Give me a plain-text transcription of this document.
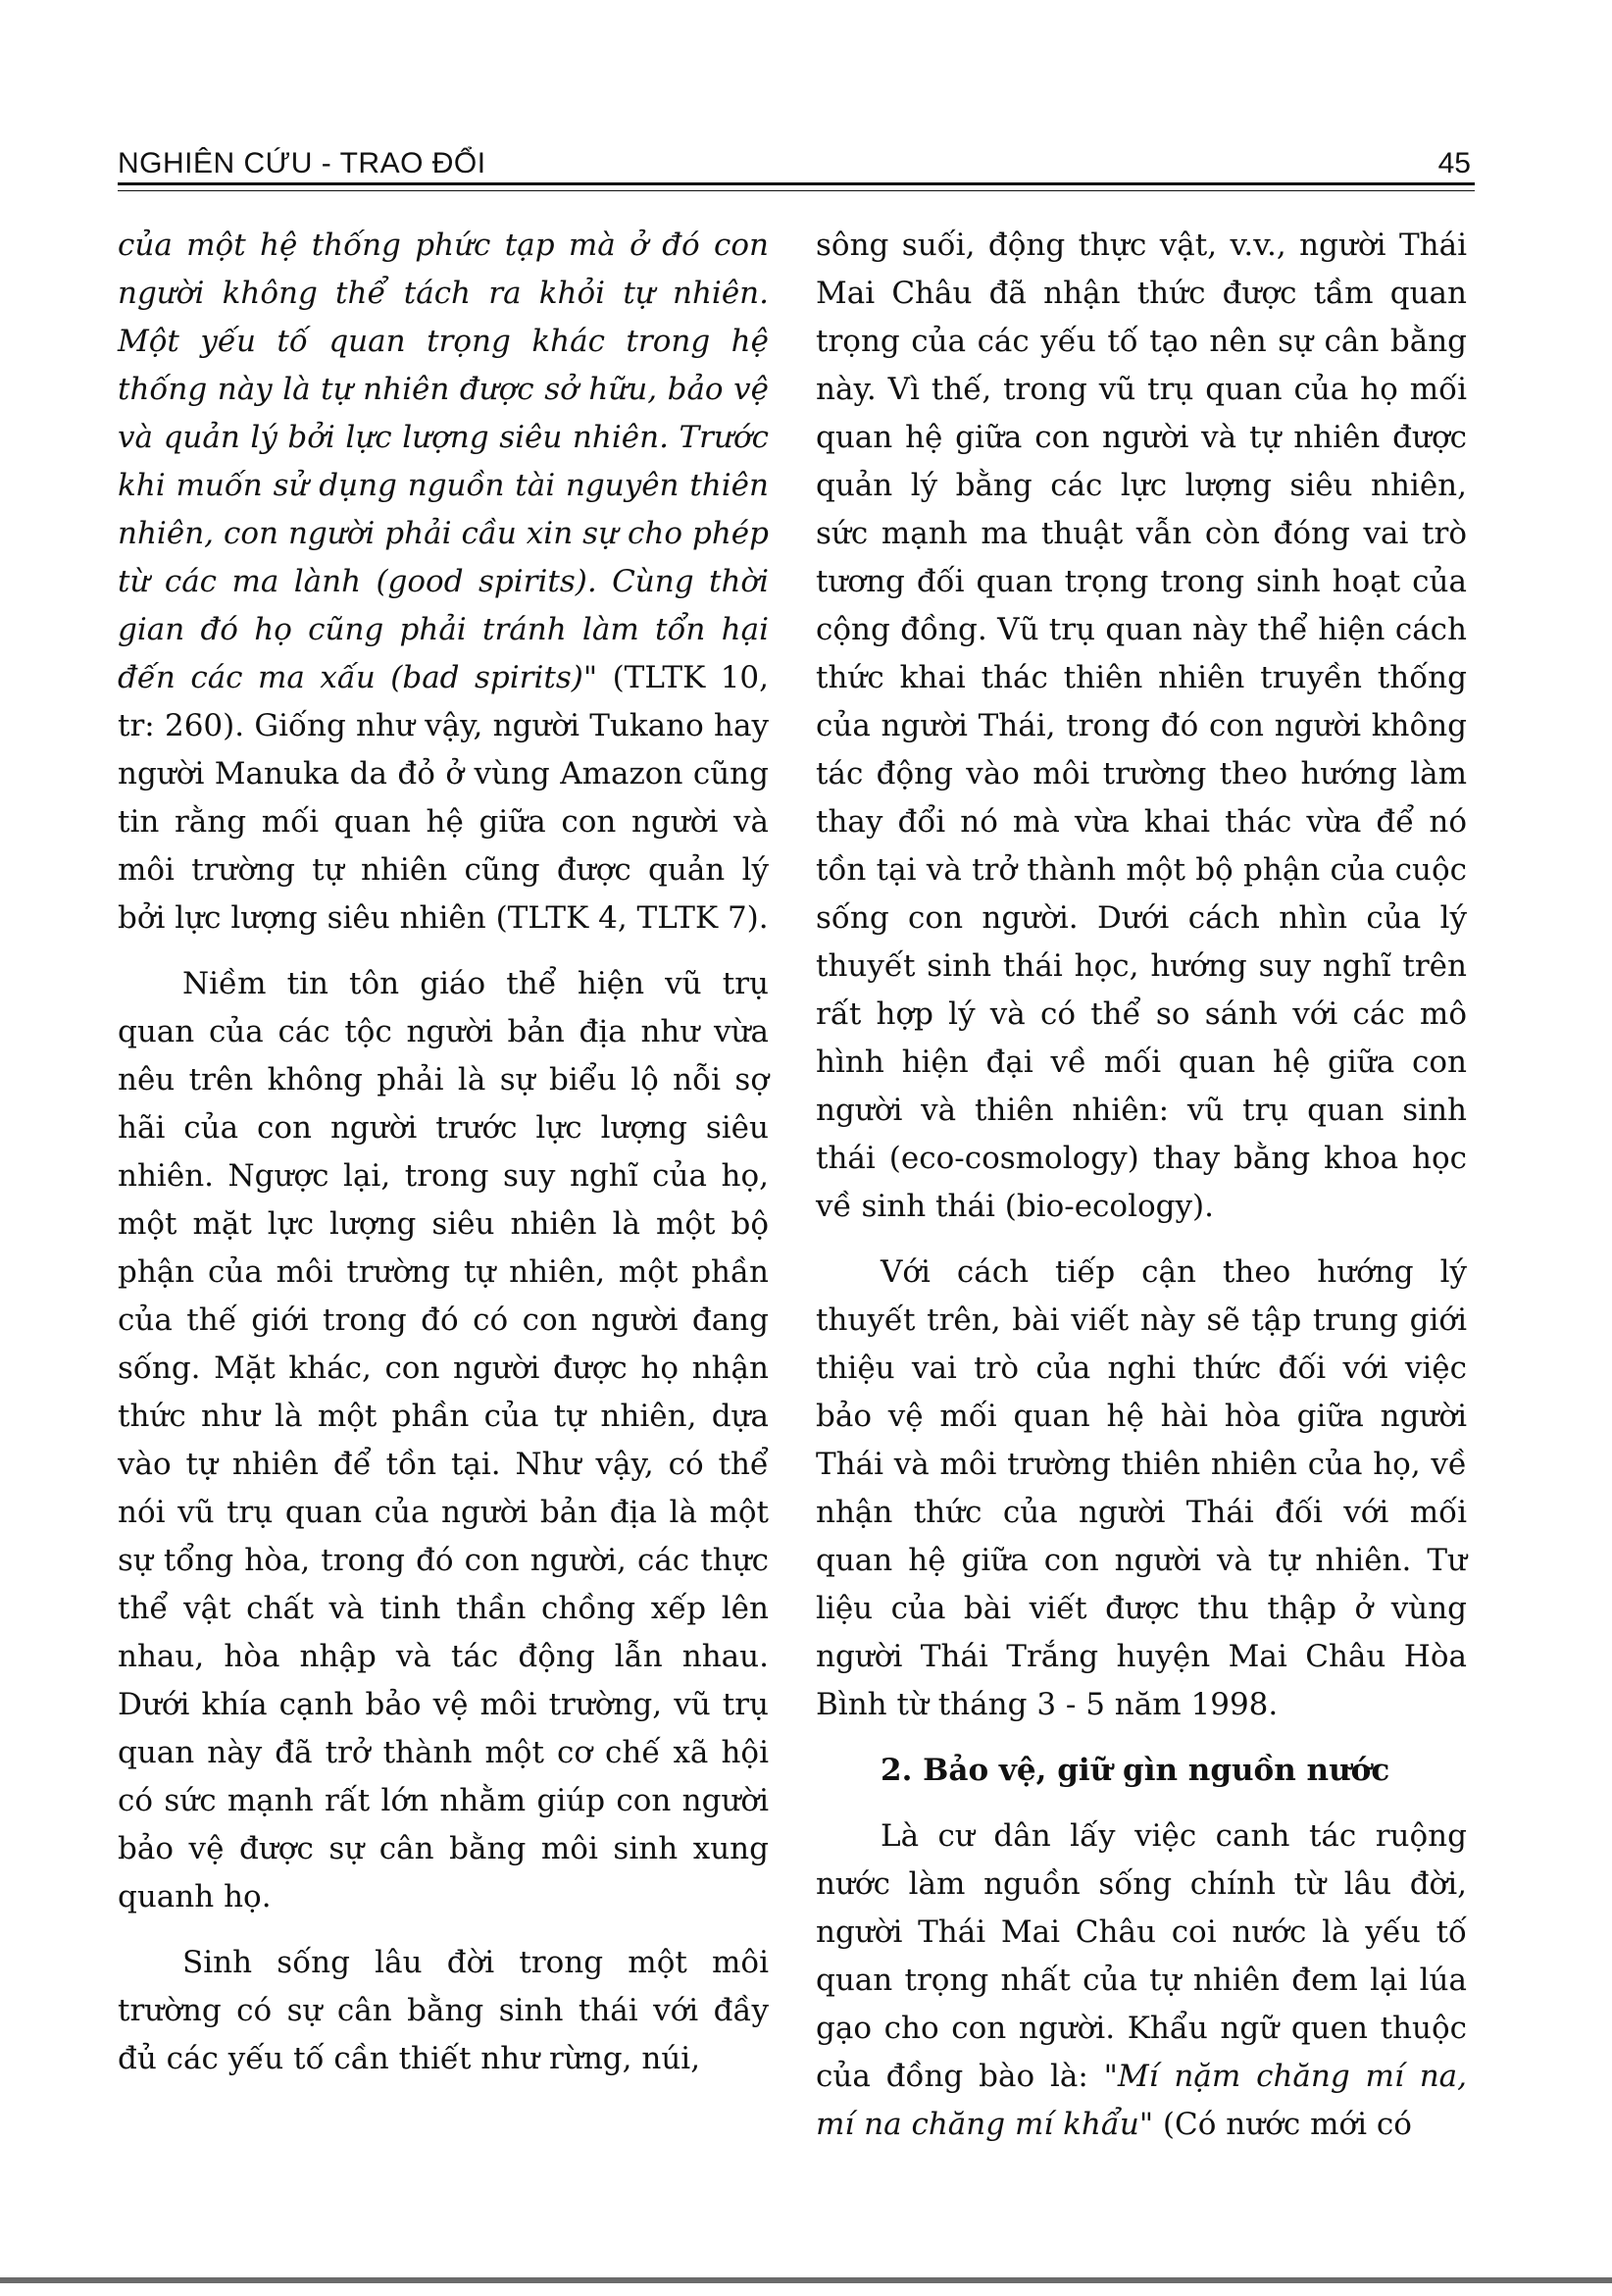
NGHIÊN CỨU - TRAO ĐỔI	45

của một hệ thống phức tạp mà ở đó con người không thể tách ra khỏi tự nhiên. Một yếu tố quan trọng khác trong hệ thống này là tự nhiên được sở hữu, bảo vệ và quản lý bởi lực lượng siêu nhiên. Trước khi muốn sử dụng nguồn tài nguyên thiên nhiên, con người phải cầu xin sự cho phép từ các ma lành (good spirits). Cùng thời gian đó họ cũng phải tránh làm tổn hại đến các ma xấu (bad spirits)" (TLTK 10, tr: 260). Giống như vậy, người Tukano hay người Manuka da đỏ ở vùng Amazon cũng tin rằng mối quan hệ giữa con người và môi trường tự nhiên cũng được quản lý bởi lực lượng siêu nhiên (TLTK 4, TLTK 7).

Niềm tin tôn giáo thể hiện vũ trụ quan của các tộc người bản địa như vừa nêu trên không phải là sự biểu lộ nỗi sợ hãi của con người trước lực lượng siêu nhiên. Ngược lại, trong suy nghĩ của họ, một mặt lực lượng siêu nhiên là một bộ phận của môi trường tự nhiên, một phần của thế giới trong đó có con người đang sống. Mặt khác, con người được họ nhận thức như là một phần của tự nhiên, dựa vào tự nhiên để tồn tại. Như vậy, có thể nói vũ trụ quan của người bản địa là một sự tổng hòa, trong đó con người, các thực thể vật chất và tinh thần chồng xếp lên nhau, hòa nhập và tác động lẫn nhau. Dưới khía cạnh bảo vệ môi trường, vũ trụ quan này đã trở thành một cơ chế xã hội có sức mạnh rất lớn nhằm giúp con người bảo vệ được sự cân bằng môi sinh xung quanh họ.

Sinh sống lâu đời trong một môi trường có sự cân bằng sinh thái với đầy đủ các yếu tố cần thiết như rừng, núi,

sông suối, động thực vật, v.v., người Thái Mai Châu đã nhận thức được tầm quan trọng của các yếu tố tạo nên sự cân bằng này. Vì thế, trong vũ trụ quan của họ mối quan hệ giữa con người và tự nhiên được quản lý bằng các lực lượng siêu nhiên, sức mạnh ma thuật vẫn còn đóng vai trò tương đối quan trọng trong sinh hoạt của cộng đồng. Vũ trụ quan này thể hiện cách thức khai thác thiên nhiên truyền thống của người Thái, trong đó con người không tác động vào môi trường theo hướng làm thay đổi nó mà vừa khai thác vừa để nó tồn tại và trở thành một bộ phận của cuộc sống con người. Dưới cách nhìn của lý thuyết sinh thái học, hướng suy nghĩ trên rất hợp lý và có thể so sánh với các mô hình hiện đại về mối quan hệ giữa con người và thiên nhiên: vũ trụ quan sinh thái (eco-cosmology) thay bằng khoa học về sinh thái (bio-ecology).

Với cách tiếp cận theo hướng lý thuyết trên, bài viết này sẽ tập trung giới thiệu vai trò của nghi thức đối với việc bảo vệ mối quan hệ hài hòa giữa người Thái và môi trường thiên nhiên của họ, về nhận thức của người Thái đối với mối quan hệ giữa con người và tự nhiên. Tư liệu của bài viết được thu thập ở vùng người Thái Trắng huyện Mai Châu Hòa Bình từ tháng 3 - 5 năm 1998.

2. Bảo vệ, giữ gìn nguồn nước

Là cư dân lấy việc canh tác ruộng nước làm nguồn sống chính từ lâu đời, người Thái Mai Châu coi nước là yếu tố quan trọng nhất của tự nhiên đem lại lúa gạo cho con người. Khẩu ngữ quen thuộc của đồng bào là: "Mí nặm chăng mí na, mí na chăng mí khẩu" (Có nước mới có
